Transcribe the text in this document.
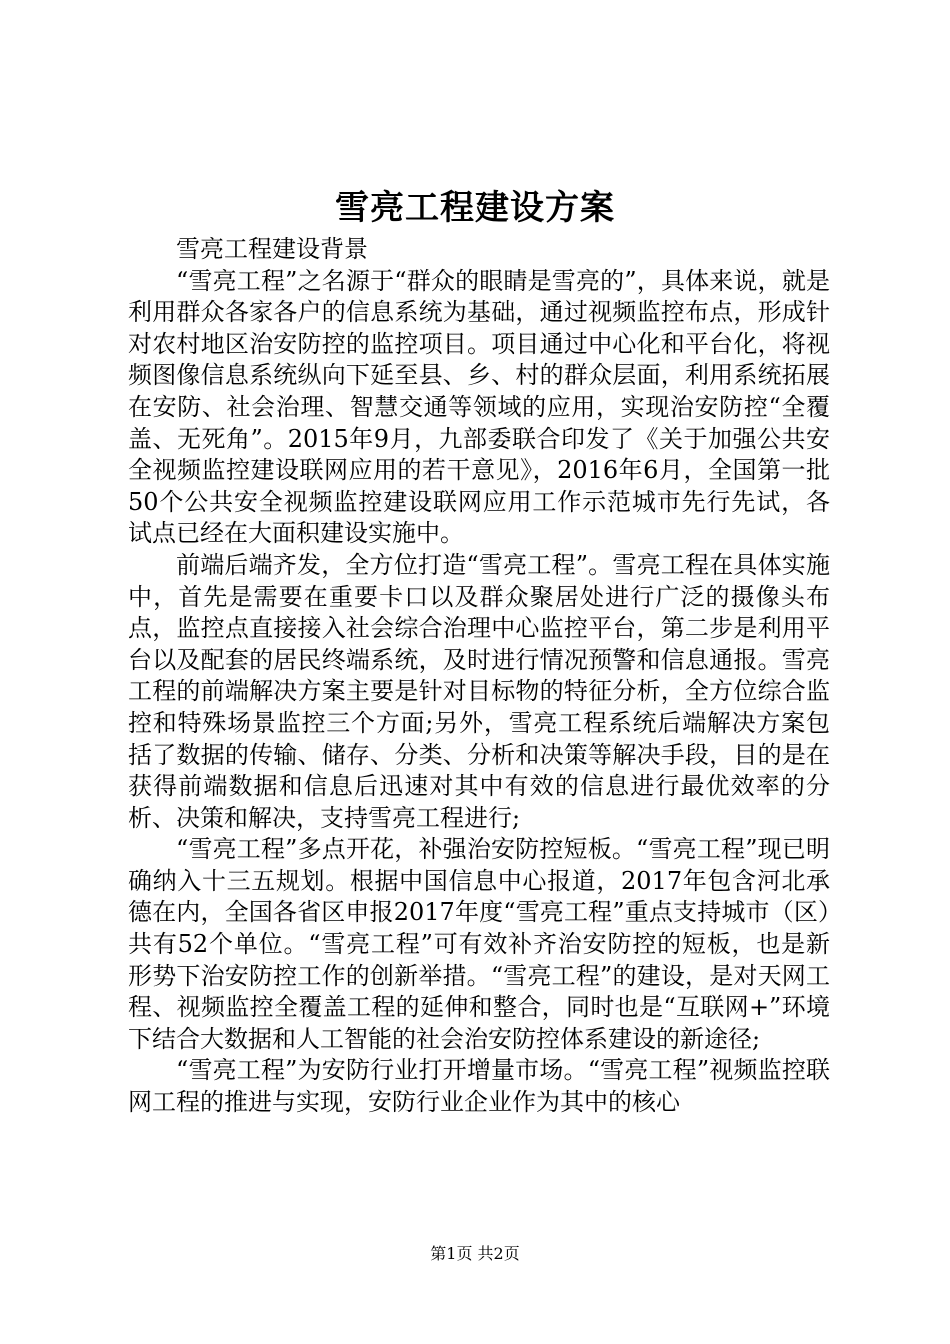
雪亮工程建设方案

雪亮工程建设背景

“雪亮工程”之名源于“群众的眼睛是雪亮的”，具体来说，就是利用群众各家各户的信息系统为基础，通过视频监控布点，形成针对农村地区治安防控的监控项目。项目通过中心化和平台化，将视频图像信息系统纵向下延至县、乡、村的群众层面，利用系统拓展在安防、社会治理、智慧交通等领域的应用，实现治安防控“全覆盖、无死角”。2015年9月，九部委联合印发了《关于加强公共安全视频监控建设联网应用的若干意见》，2016年6月，全国第一批50个公共安全视频监控建设联网应用工作示范城市先行先试，各试点已经在大面积建设实施中。

前端后端齐发，全方位打造“雪亮工程”。雪亮工程在具体实施中，首先是需要在重要卡口以及群众聚居处进行广泛的摄像头布点，监控点直接接入社会综合治理中心监控平台，第二步是利用平台以及配套的居民终端系统，及时进行情况预警和信息通报。雪亮工程的前端解决方案主要是针对目标物的特征分析，全方位综合监控和特殊场景监控三个方面;另外，雪亮工程系统后端解决方案包括了数据的传输、储存、分类、分析和决策等解决手段，目的是在获得前端数据和信息后迅速对其中有效的信息进行最优效率的分析、决策和解决，支持雪亮工程进行;

“雪亮工程”多点开花，补强治安防控短板。“雪亮工程”现已明确纳入十三五规划。根据中国信息中心报道，2017年包含河北承德在内，全国各省区申报2017年度“雪亮工程”重点支持城市（区）共有52个单位。“雪亮工程”可有效补齐治安防控的短板，也是新形势下治安防控工作的创新举措。“雪亮工程”的建设，是对天网工程、视频监控全覆盖工程的延伸和整合，同时也是“互联网+”环境下结合大数据和人工智能的社会治安防控体系建设的新途径;

“雪亮工程”为安防行业打开增量市场。“雪亮工程”视频监控联网工程的推进与实现，安防行业企业作为其中的核心

第1页 共2页
